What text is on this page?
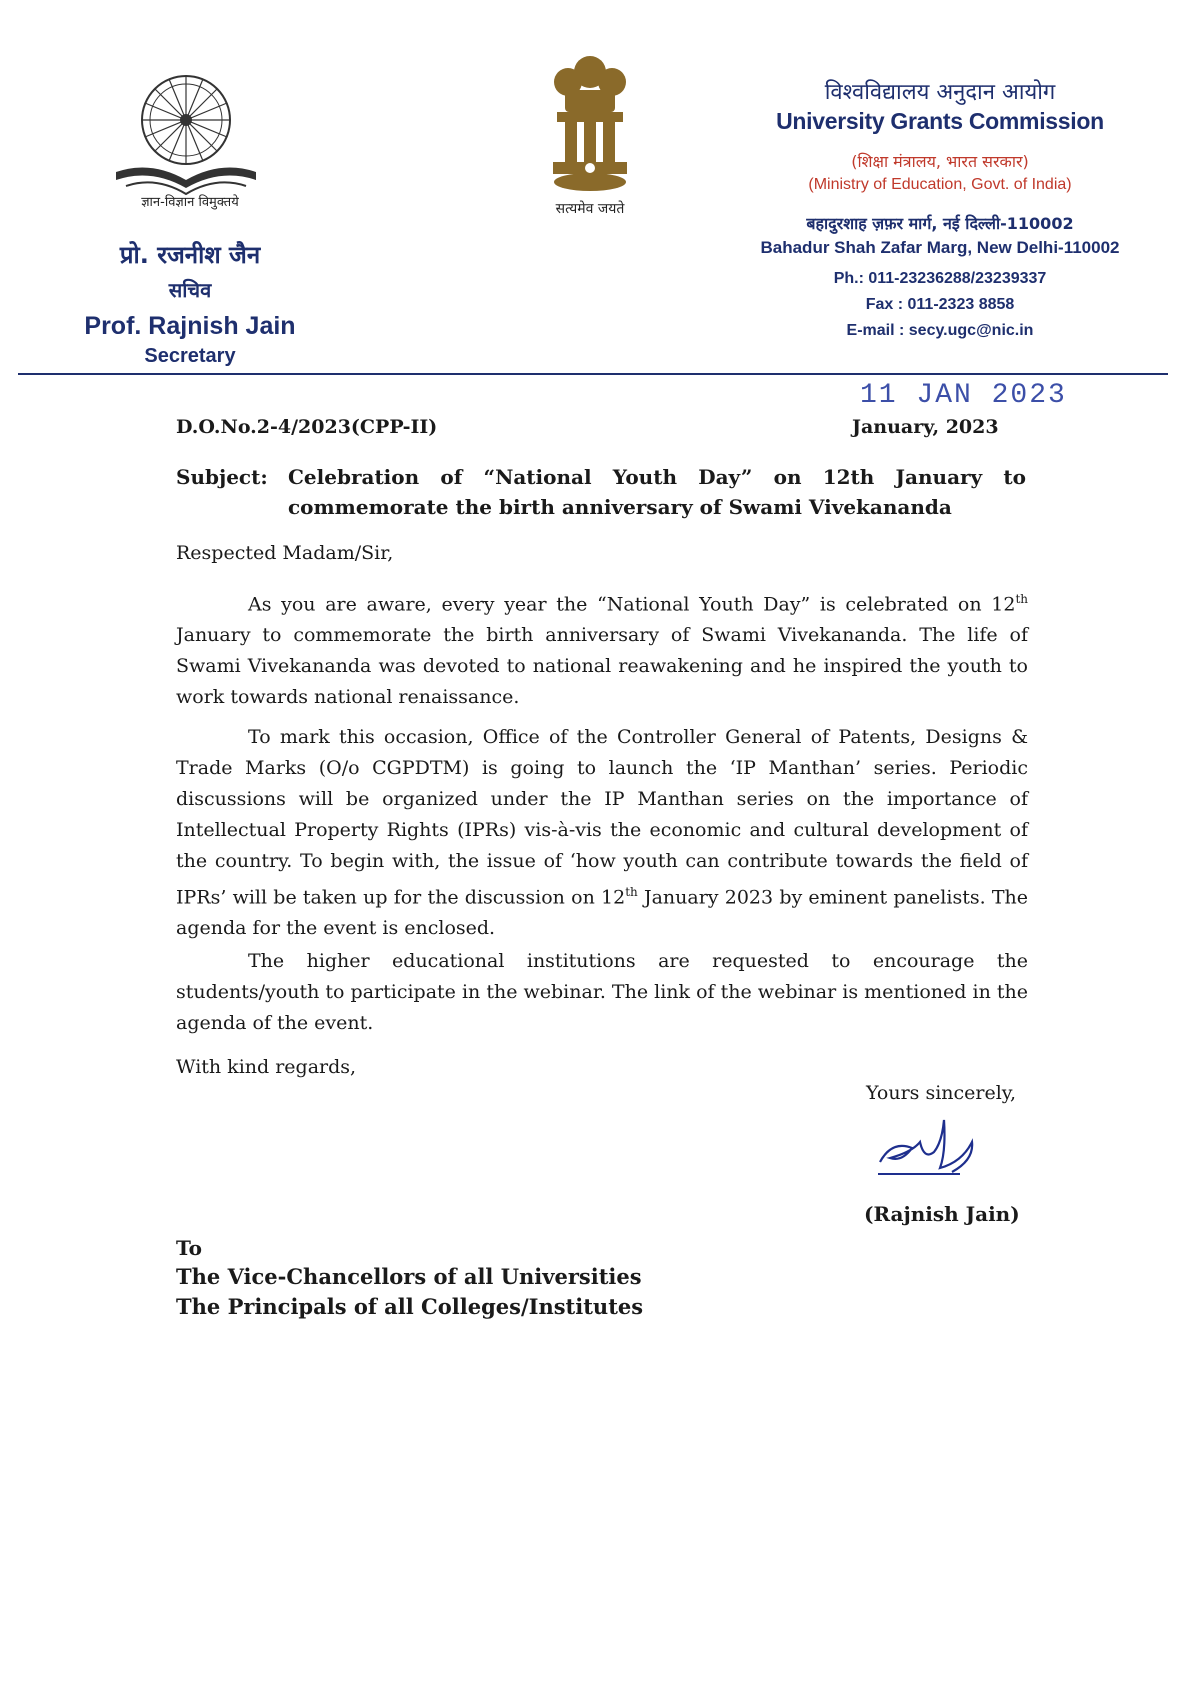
ज्ञान-विज्ञान विमुक्तये
प्रो. रजनीश जैन
सचिव
Prof. Rajnish Jain
Secretary
सत्यमेव जयते
विश्वविद्यालय अनुदान आयोग
University Grants Commission
(शिक्षा मंत्रालय, भारत सरकार)
(Ministry of Education, Govt. of India)
बहादुरशाह ज़फ़र मार्ग, नई दिल्ली-110002
Bahadur Shah Zafar Marg, New Delhi-110002
Ph.: 011-23236288/23239337
Fax : 011-2323 8858
E-mail : secy.ugc@nic.in
11 JAN 2023
D.O.No.2-4/2023(CPP-II)	January, 2023
Subject: Celebration of “National Youth Day” on 12th January to commemorate the birth anniversary of Swami Vivekananda
Respected Madam/Sir,
As you are aware, every year the “National Youth Day” is celebrated on 12th January to commemorate the birth anniversary of Swami Vivekananda. The life of Swami Vivekananda was devoted to national reawakening and he inspired the youth to work towards national renaissance.
To mark this occasion, Office of the Controller General of Patents, Designs & Trade Marks (O/o CGPDTM) is going to launch the ‘IP Manthan’ series. Periodic discussions will be organized under the IP Manthan series on the importance of Intellectual Property Rights (IPRs) vis-à-vis the economic and cultural development of the country. To begin with, the issue of ‘how youth can contribute towards the field of IPRs’ will be taken up for the discussion on 12th January 2023 by eminent panelists. The agenda for the event is enclosed.
The higher educational institutions are requested to encourage the students/youth to participate in the webinar. The link of the webinar is mentioned in the agenda of the event.
With kind regards,
Yours sincerely,
(Rajnish Jain)
To
The Vice-Chancellors of all Universities
The Principals of all Colleges/Institutes
